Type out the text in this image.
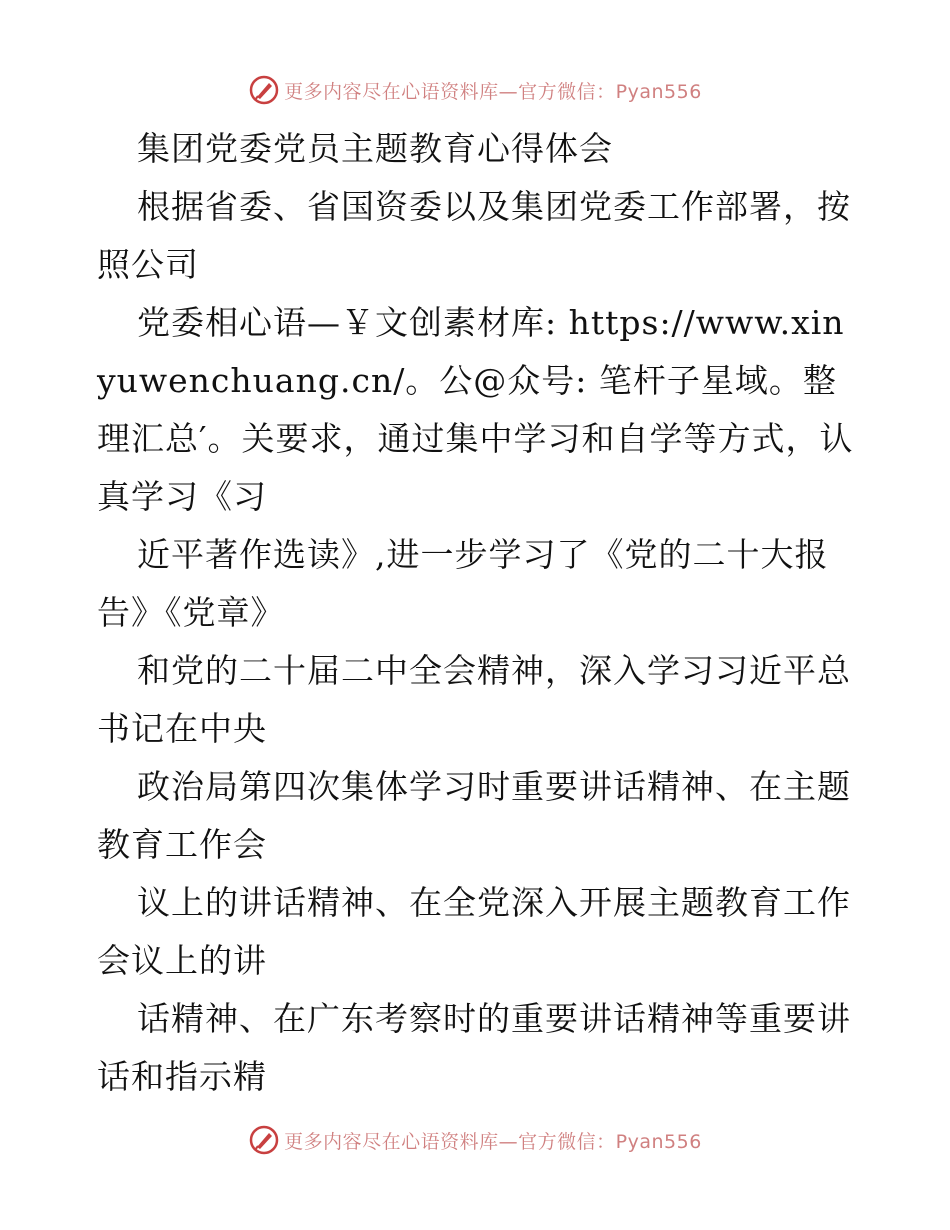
更多内容尽在心语资料库—官方微信：Pyan556

集团党委党员主题教育心得体会

根据省委、省国资委以及集团党委工作部署，按照公司

党委相心语—￥文创素材库: https://www.xinyuwenchuang.cn/。公@众号: 笔杆子星域。整理汇总′。关要求，通过集中学习和自学等方式，认真学习《习

近平著作选读》,进一步学习了《党的二十大报告》《党章》

和党的二十届二中全会精神，深入学习习近平总书记在中央

政治局第四次集体学习时重要讲话精神、在主题教育工作会

议上的讲话精神、在全党深入开展主题教育工作会议上的讲

话精神、在广东考察时的重要讲话精神等重要讲话和指示精

更多内容尽在心语资料库—官方微信：Pyan556
